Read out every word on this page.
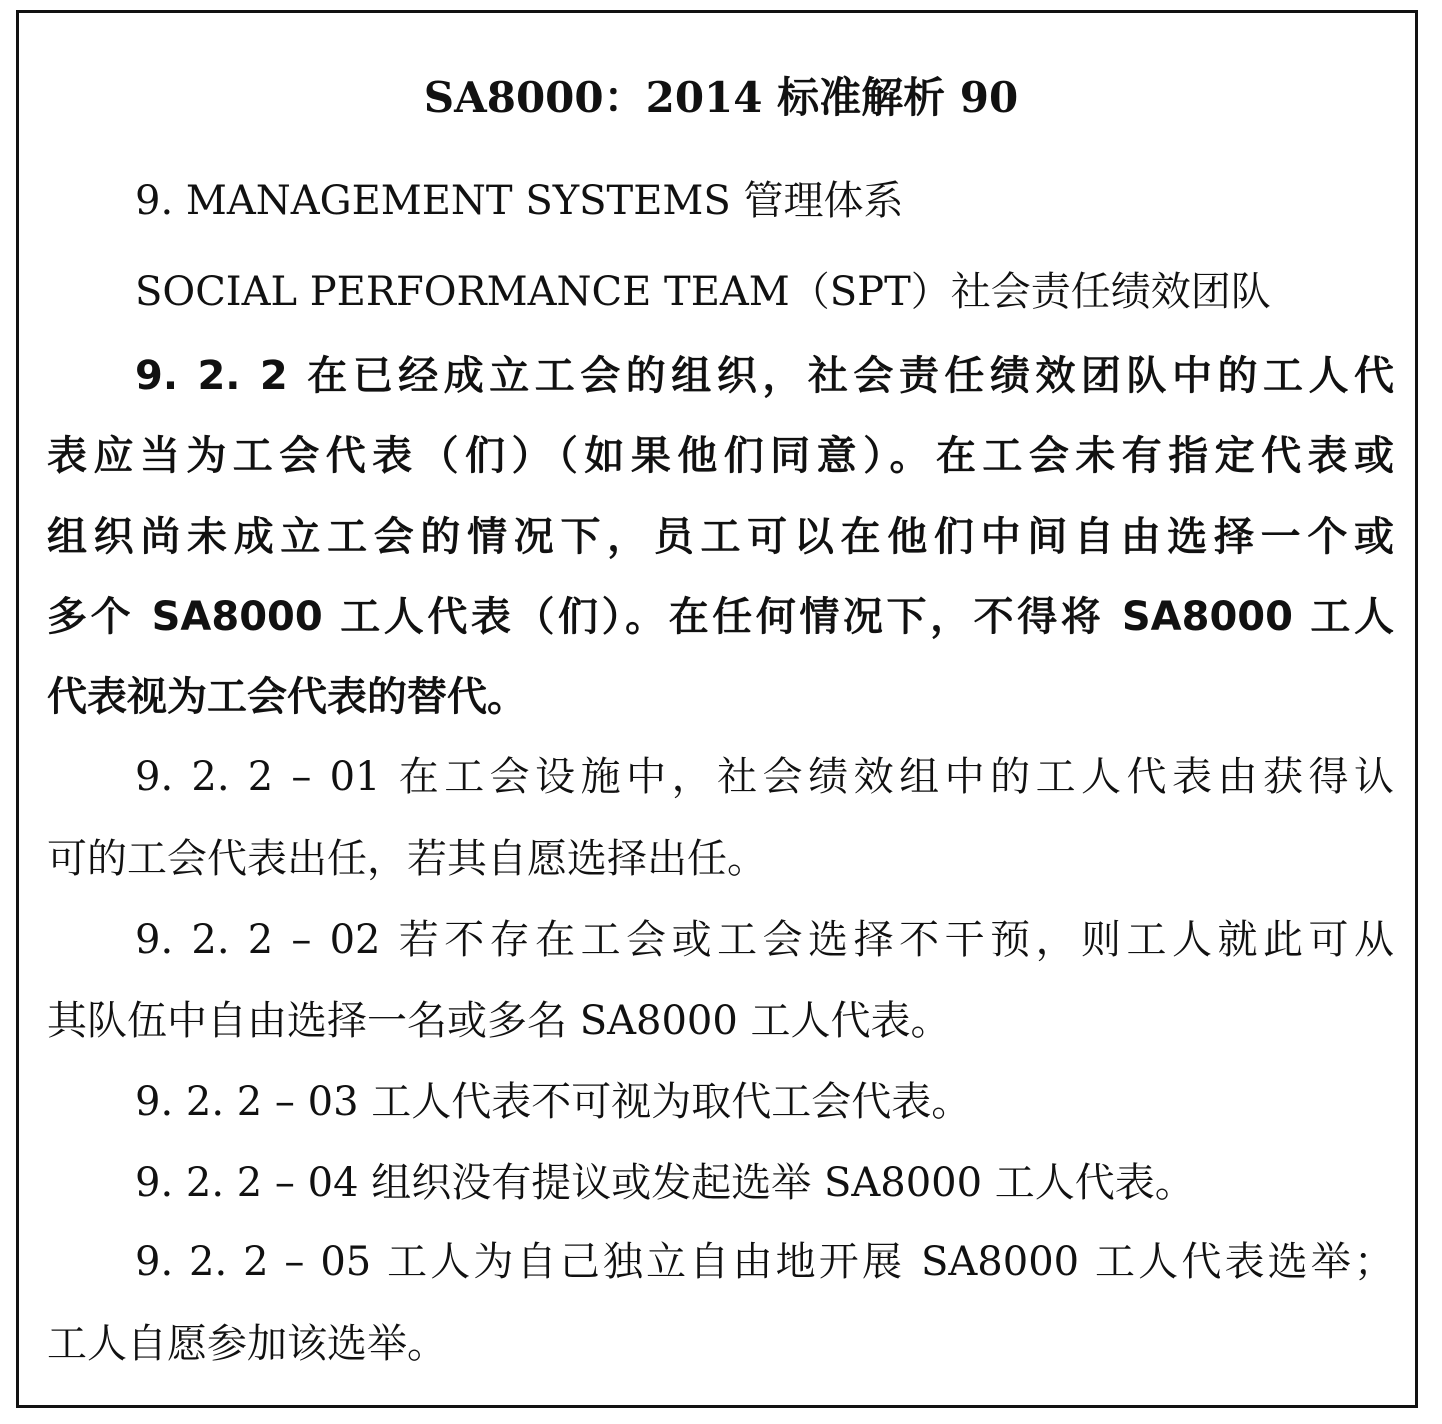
SA8000：2014 标准解析 90
9. MANAGEMENT SYSTEMS 管理体系
SOCIAL PERFORMANCE TEAM（SPT）社会责任绩效团队
9. 2. 2 在已经成立工会的组织，社会责任绩效团队中的工人代
表应当为工会代表（们）（如果他们同意）。在工会未有指定代表或
组织尚未成立工会的情况下，员工可以在他们中间自由选择一个或
多个 SA8000 工人代表（们）。在任何情况下，不得将 SA8000 工人
代表视为工会代表的替代。
9. 2. 2 – 01 在工会设施中，社会绩效组中的工人代表由获得认
可的工会代表出任，若其自愿选择出任。
9. 2. 2 – 02 若不存在工会或工会选择不干预，则工人就此可从
其队伍中自由选择一名或多名 SA8000 工人代表。
9. 2. 2 – 03 工人代表不可视为取代工会代表。
9. 2. 2 – 04 组织没有提议或发起选举 SA8000 工人代表。
9. 2. 2 – 05 工人为自己独立自由地开展 SA8000 工人代表选举；
工人自愿参加该选举。
